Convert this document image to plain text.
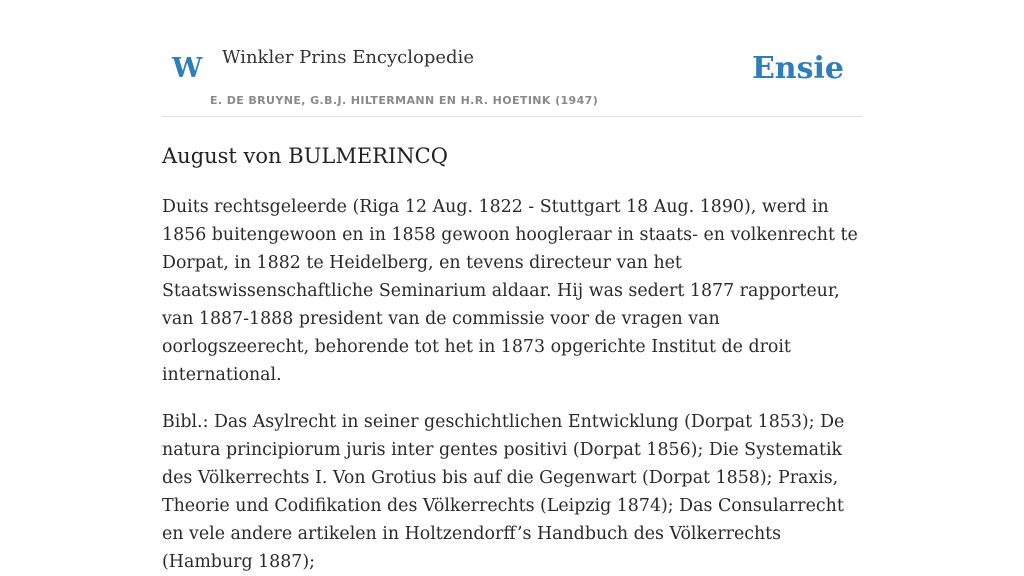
W Winkler Prins Encyclopedie
E. DE BRUYNE, G.B.J. HILTERMANN EN H.R. HOETINK (1947)
Ensie
August von BULMERINCQ

Duits rechtsgeleerde (Riga 12 Aug. 1822 - Stuttgart 18 Aug. 1890), werd in 1856 buitengewoon en in 1858 gewoon hoogleraar in staats- en volkenrecht te Dorpat, in 1882 te Heidelberg, en tevens directeur van het Staatswissenschaftliche Seminarium aldaar. Hij was sedert 1877 rapporteur, van 1887-1888 president van de commissie voor de vragen van oorlogszeerecht, behorende tot het in 1873 opgerichte Institut de droit international.

Bibl.: Das Asylrecht in seiner geschichtlichen Entwicklung (Dorpat 1853); De natura principiorum juris inter gentes positivi (Dorpat 1856); Die Systematik des Völkerrechts I. Von Grotius bis auf die Gegenwart (Dorpat 1858); Praxis, Theorie und Codifikation des Völkerrechts (Leipzig 1874); Das Consularrecht en vele andere artikelen in Holtzendorff’s Handbuch des Völkerrechts (Hamburg 1887);
